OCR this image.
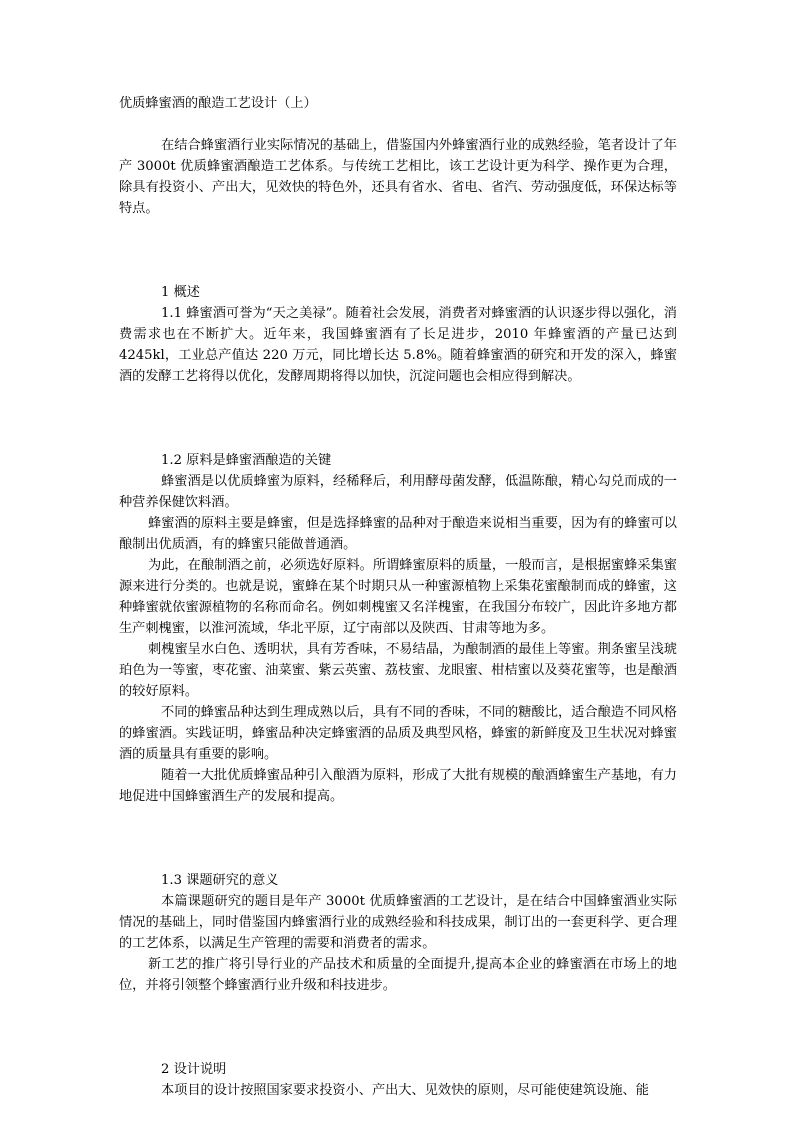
优质蜂蜜酒的酿造工艺设计（上）

在结合蜂蜜酒行业实际情况的基础上，借鉴国内外蜂蜜酒行业的成熟经验，笔者设计了年产 3000t 优质蜂蜜酒酿造工艺体系。与传统工艺相比，该工艺设计更为科学、操作更为合理，除具有投资小、产出大，见效快的特色外，还具有省水、省电、省汽、劳动强度低，环保达标等特点。

1 概述

1.1 蜂蜜酒可誉为“天之美禄”。随着社会发展，消费者对蜂蜜酒的认识逐步得以强化，消费需求也在不断扩大。近年来，我国蜂蜜酒有了长足进步，2010 年蜂蜜酒的产量已达到 4245kl，工业总产值达 220 万元，同比增长达 5.8%。随着蜂蜜酒的研究和开发的深入，蜂蜜酒的发酵工艺将得以优化，发酵周期将得以加快，沉淀问题也会相应得到解决。

1.2 原料是蜂蜜酒酿造的关键

蜂蜜酒是以优质蜂蜜为原料，经稀释后，利用酵母菌发酵，低温陈酿，精心勾兑而成的一种营养保健饮料酒。

蜂蜜酒的原料主要是蜂蜜，但是选择蜂蜜的品种对于酿造来说相当重要，因为有的蜂蜜可以酿制出优质酒，有的蜂蜜只能做普通酒。

为此，在酿制酒之前，必须选好原料。所谓蜂蜜原料的质量，一般而言，是根据蜜蜂采集蜜源来进行分类的。也就是说，蜜蜂在某个时期只从一种蜜源植物上采集花蜜酿制而成的蜂蜜，这种蜂蜜就依蜜源植物的名称而命名。例如刺槐蜜又名洋槐蜜，在我国分布较广，因此许多地方都生产刺槐蜜，以淮河流域，华北平原，辽宁南部以及陕西、甘肃等地为多。

刺槐蜜呈水白色、透明状，具有芳香味，不易结晶，为酿制酒的最佳上等蜜。荆条蜜呈浅琥珀色为一等蜜，枣花蜜、油菜蜜、紫云英蜜、荔枝蜜、龙眼蜜、柑桔蜜以及葵花蜜等，也是酿酒的较好原料。

不同的蜂蜜品种达到生理成熟以后，具有不同的香味，不同的糖酸比，适合酿造不同风格的蜂蜜酒。实践证明，蜂蜜品种决定蜂蜜酒的品质及典型风格，蜂蜜的新鲜度及卫生状况对蜂蜜酒的质量具有重要的影响。

随着一大批优质蜂蜜品种引入酿酒为原料，形成了大批有规模的酿酒蜂蜜生产基地，有力地促进中国蜂蜜酒生产的发展和提高。

1.3 课题研究的意义

本篇课题研究的题目是年产 3000t 优质蜂蜜酒的工艺设计，是在结合中国蜂蜜酒业实际情况的基础上，同时借鉴国内蜂蜜酒行业的成熟经验和科技成果，制订出的一套更科学、更合理的工艺体系，以满足生产管理的需要和消费者的需求。

新工艺的推广将引导行业的产品技术和质量的全面提升,提高本企业的蜂蜜酒在市场上的地位，并将引领整个蜂蜜酒行业升级和科技进步。

2 设计说明

本项目的设计按照国家要求投资小、产出大、见效快的原则，尽可能使建筑设施、能
